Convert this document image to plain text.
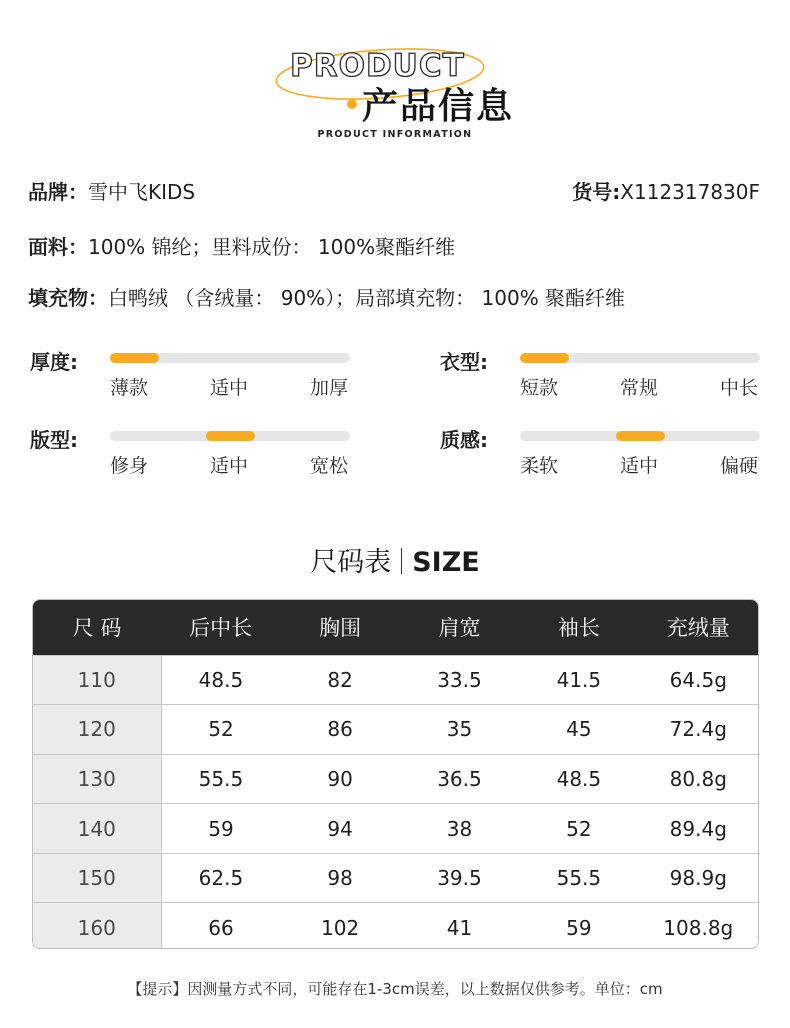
PRODUCT
产品信息
PRODUCT INFORMATION
品牌：雪中飞KIDS	货号:X112317830F
面料：100% 锦纶；里料成份： 100%聚酯纤维
填充物：白鸭绒 （含绒量： 90%）；局部填充物： 100% 聚酯纤维
厚度:
薄款	适中	加厚
衣型:
短款	常规	中长
版型:
修身	适中	宽松
质感:
柔软	适中	偏硬
尺码表 SIZE
尺 码	后中长	胸围	肩宽	袖长	充绒量
110	48.5	82	33.5	41.5	64.5g
120	52	86	35	45	72.4g
130	55.5	90	36.5	48.5	80.8g
140	59	94	38	52	89.4g
150	62.5	98	39.5	55.5	98.9g
160	66	102	41	59	108.8g
【提示】因测量方式不同，可能存在1-3cm误差，以上数据仅供参考。单位：cm
